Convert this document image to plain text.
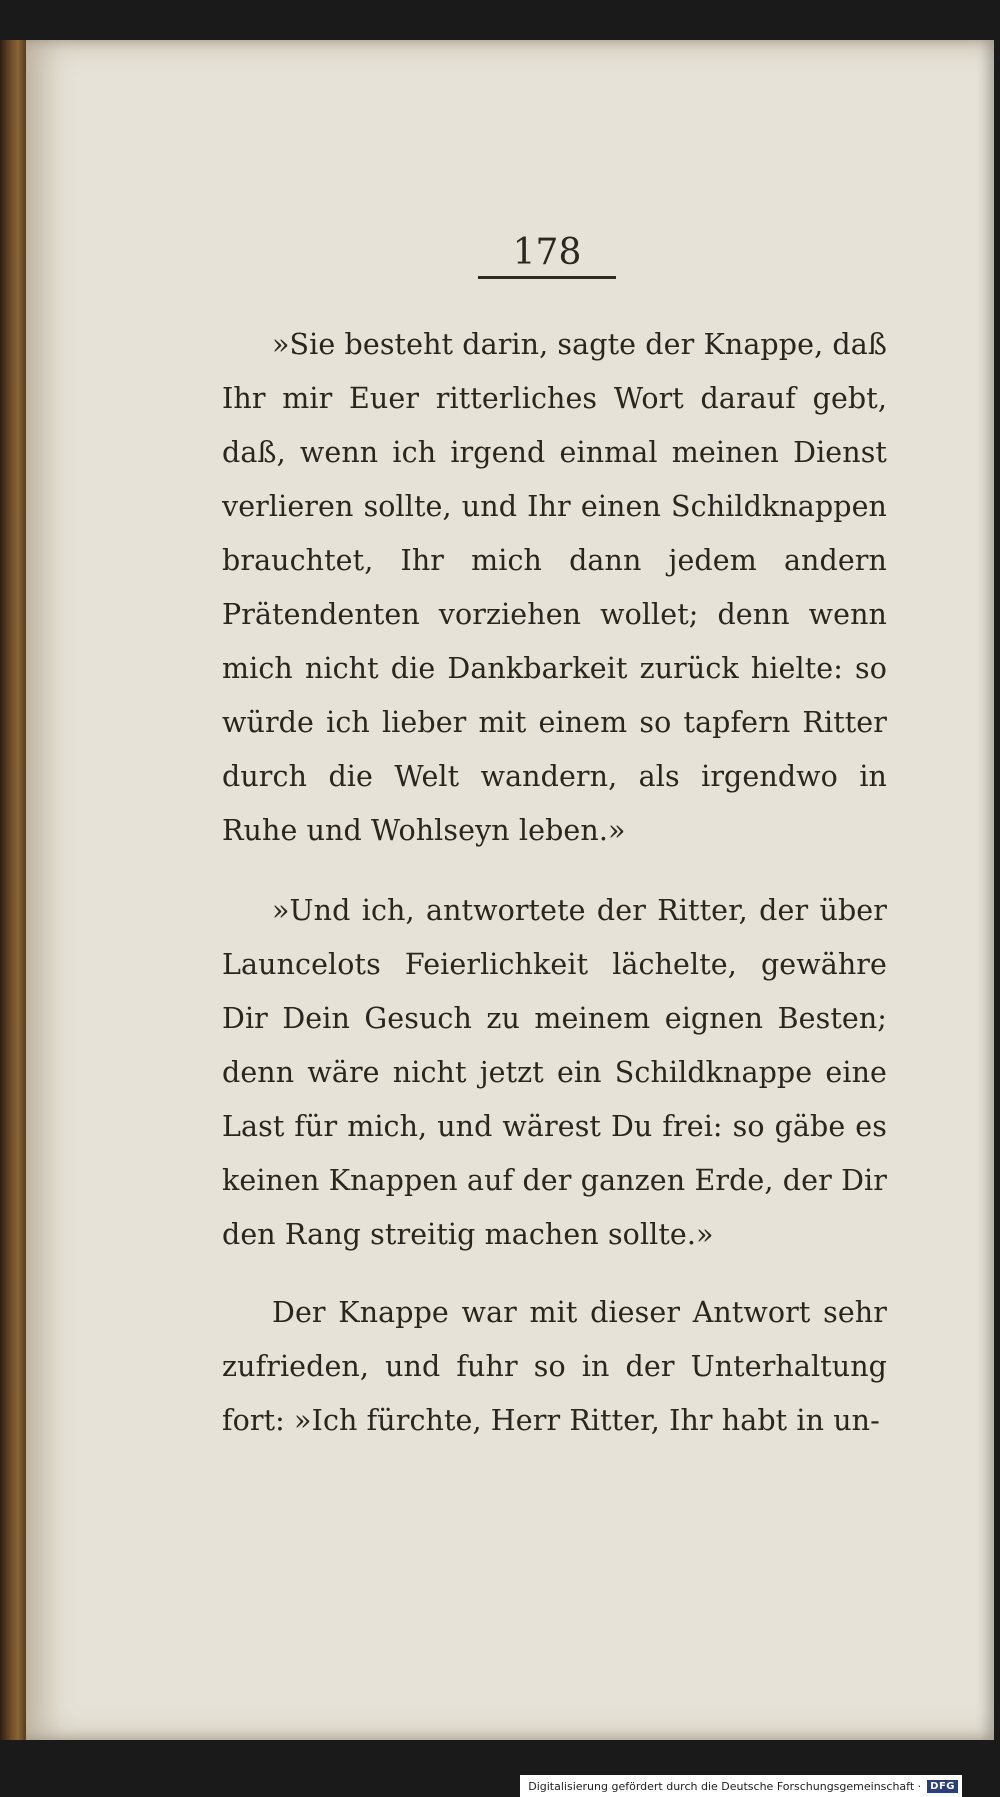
178

»Sie besteht darin, sagte der Knappe, daß Ihr mir Euer ritterliches Wort darauf gebt, daß, wenn ich irgend einmal meinen Dienst verlieren sollte, und Ihr einen Schildknappen brauchtet, Ihr mich dann jedem andern Prätendenten vorziehen wollet; denn wenn mich nicht die Dankbarkeit zurück hielte: so würde ich lieber mit einem so tapfern Ritter durch die Welt wandern, als irgendwo in Ruhe und Wohlseyn leben.»

»Und ich, antwortete der Ritter, der über Launcelots Feierlichkeit lächelte, gewähre Dir Dein Gesuch zu meinem eignen Besten; denn wäre nicht jetzt ein Schildknappe eine Last für mich, und wärest Du frei: so gäbe es keinen Knappen auf der ganzen Erde, der Dir den Rang streitig machen sollte.»

Der Knappe war mit dieser Antwort sehr zufrieden, und fuhr so in der Unterhaltung fort: »Ich fürchte, Herr Ritter, Ihr habt in un-

Digitalisierung gefördert durch die Deutsche Forschungsgemeinschaft · DFG
